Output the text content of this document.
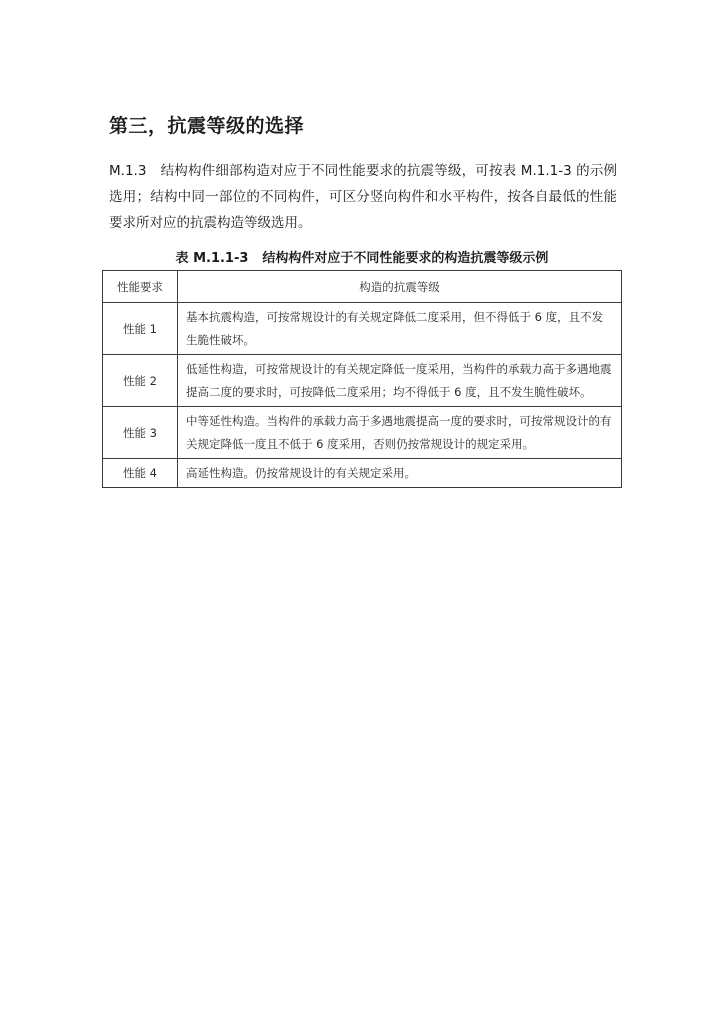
第三，抗震等级的选择

M.1.3 结构构件细部构造对应于不同性能要求的抗震等级，可按表 M.1.1-3 的示例选用；结构中同一部位的不同构件，可区分竖向构件和水平构件，按各自最低的性能要求所对应的抗震构造等级选用。

表 M.1.1-3 结构构件对应于不同性能要求的构造抗震等级示例

性能要求	构造的抗震等级
性能 1	基本抗震构造，可按常规设计的有关规定降低二度采用，但不得低于 6 度，且不发生脆性破坏。
性能 2	低延性构造，可按常规设计的有关规定降低一度采用，当构件的承载力高于多遇地震提高二度的要求时，可按降低二度采用；均不得低于 6 度，且不发生脆性破坏。
性能 3	中等延性构造。当构件的承载力高于多遇地震提高一度的要求时，可按常规设计的有关规定降低一度且不低于 6 度采用，否则仍按常规设计的规定采用。
性能 4	高延性构造。仍按常规设计的有关规定采用。
